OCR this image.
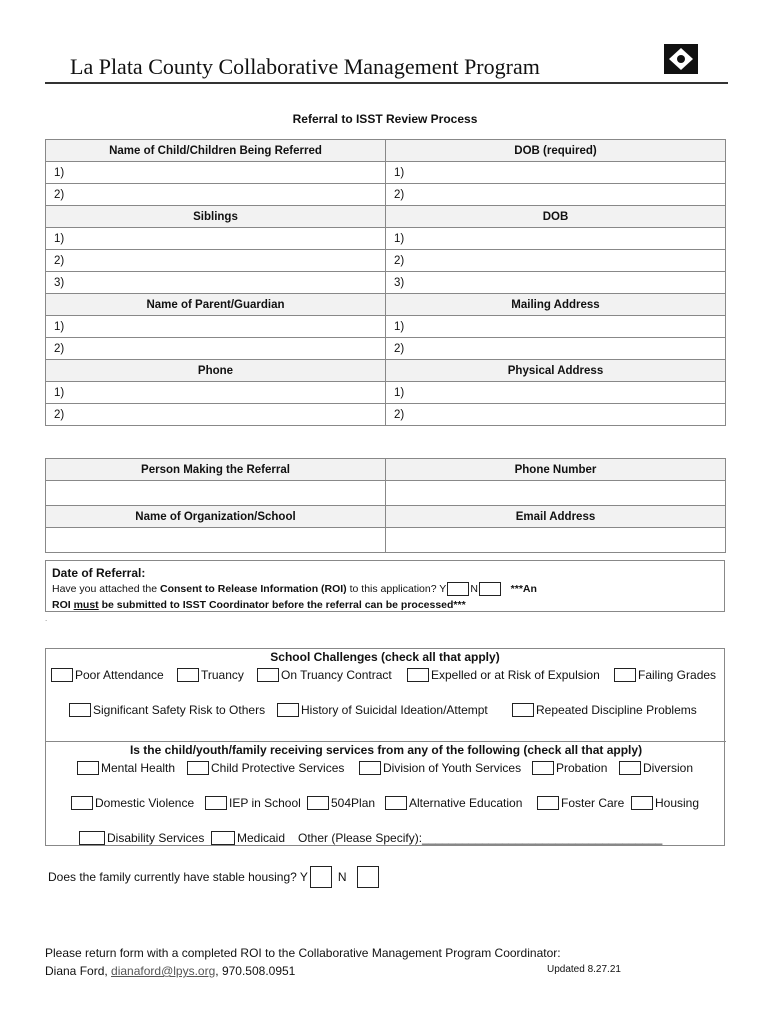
La Plata County Collaborative Management Program
Referral to ISST Review Process
Name of Child/Children Being Referred	DOB (required)
1)	1)
2)	2)
Siblings	DOB
1)	1)
2)	2)
3)	3)
Name of Parent/Guardian	Mailing Address
1)	1)
2)	2)
Phone	Physical Address
1)	1)
2)	2)
Person Making the Referral	Phone Number

Name of Organization/School	Email Address

Date of Referral:
Have you attached the Consent to Release Information (ROI) to this application? Y N	***An
ROI must be submitted to ISST Coordinator before the referral can be processed***
.
School Challenges (check all that apply)
Poor Attendance	Truancy	On Truancy Contract	Expelled or at Risk of Expulsion	Failing Grades
Significant Safety Risk to Others	History of Suicidal Ideation/Attempt	Repeated Discipline Problems
Is the child/youth/family receiving services from any of the following (check all that apply)
Mental Health	Child Protective Services	Division of Youth Services	Probation	Diversion
Domestic Violence	IEP in School	504Plan	Alternative Education	Foster Care	Housing
Disability Services	Medicaid Other (Please Specify):____________________________________
Does the family currently have stable housing? Y	N
Please return form with a completed ROI to the Collaborative Management Program Coordinator:
Diana Ford, dianaford@lpys.org, 970.508.0951	Updated 8.27.21
